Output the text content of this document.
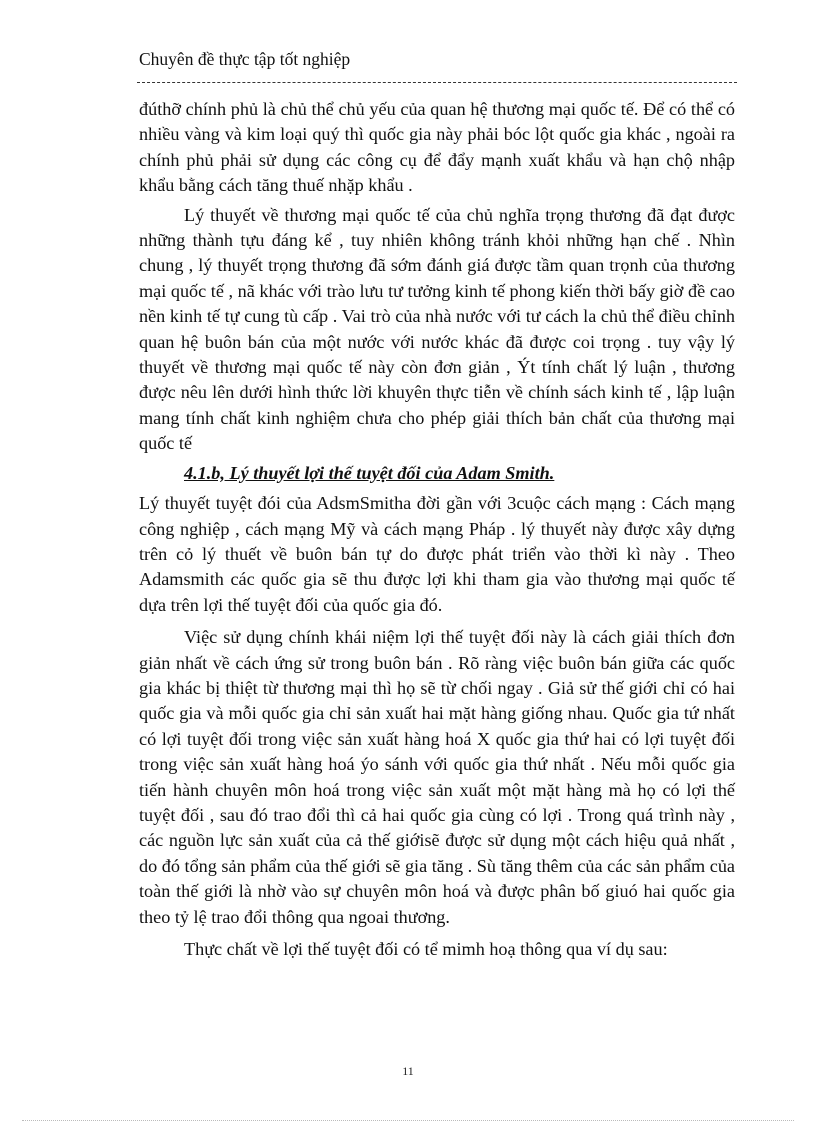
Chuyên đề thực tập tốt nghiệp

đúthỡ chính phủ là chủ thể chủ yếu của quan hệ thương mại quốc tế. Để có thể có nhiều vàng và kim loại quý thì quốc gia này phải bóc lột quốc gia khác , ngoài ra chính phủ phải sử dụng các công cụ để đẩy mạnh xuất khẩu và hạn chộ nhập khẩu bằng cách tăng thuế nhặp khẩu .

Lý thuyết về thương mại quốc tế của chủ nghĩa trọng thương đã đạt được những thành tựu đáng kể , tuy nhiên không tránh khỏi những hạn chế . Nhìn chung , lý thuyết trọng thương đã sớm đánh giá được tầm quan trọnh của thương mại quốc tế , nã khác với trào lưu tư tưởng kinh tế phong kiến thời bấy giờ đề cao nền kinh tế tự cung tù cấp . Vai trò của nhà nước với tư cách la chủ thể điều chỉnh quan hệ buôn bán của một nước với nước khác đã được coi trọng . tuy vậy lý thuyết về thương mại quốc tế này còn đơn giản , Ýt tính chất lý luận , thương được nêu lên dưới hình thức lời khuyên thực tiễn về chính sách kinh tế , lập luận mang tính chất kinh nghiệm chưa cho phép giải thích bản chất của thương mại quốc tế

4.1.b, Lý thuyết lợi thế tuyệt đối của Adam Smith.

Lý thuyết tuyệt đói của AdsmSmitha đời gần với 3cuộc cách mạng : Cách mạng công nghiệp , cách mạng Mỹ và cách mạng Pháp . lý thuyết này được xây dựng trên cỏ lý thuết về buôn bán tự do được phát triển vào thời kì này . Theo Adamsmith các quốc gia sẽ thu được lợi khi tham gia vào thương mại quốc tế dựa trên lợi thế tuyệt đối của quốc gia đó.

Việc sử dụng chính khái niệm lợi thế tuyệt đối này là cách giải thích đơn giản nhất về cách ứng sử trong buôn bán . Rõ ràng việc buôn bán giữa các quốc gia khác bị thiệt từ thương mại thì họ sẽ từ chối ngay . Giả sử thế giới chỉ có hai quốc gia và mỗi quốc gia chỉ sản xuất hai mặt hàng giống nhau. Quốc gia tứ nhất có lợi tuyệt đối trong việc sản xuất hàng hoá X quốc gia thứ hai có lợi tuyệt đối trong việc sản xuất hàng hoá ýo sánh với quốc gia thứ nhất . Nếu mỗi quốc gia tiến hành chuyên môn hoá trong việc sản xuất một mặt hàng mà họ có lợi thế tuyệt đối , sau đó trao đổi thì cả hai quốc gia cùng có lợi . Trong quá trình này , các nguồn lực sản xuất của cả thế giớisẽ được sử dụng một cách hiệu quả nhất , do đó tổng sản phẩm của thế giới sẽ gia tăng . Sù tăng thêm của các sản phẩm của toàn thế giới là nhờ vào sự chuyên môn hoá và được phân bố giuó hai quốc gia theo tỷ lệ trao đổi thông qua ngoai thương.

Thực chất về lợi thế tuyệt đối có tể mimh hoạ thông qua ví dụ sau:

11
